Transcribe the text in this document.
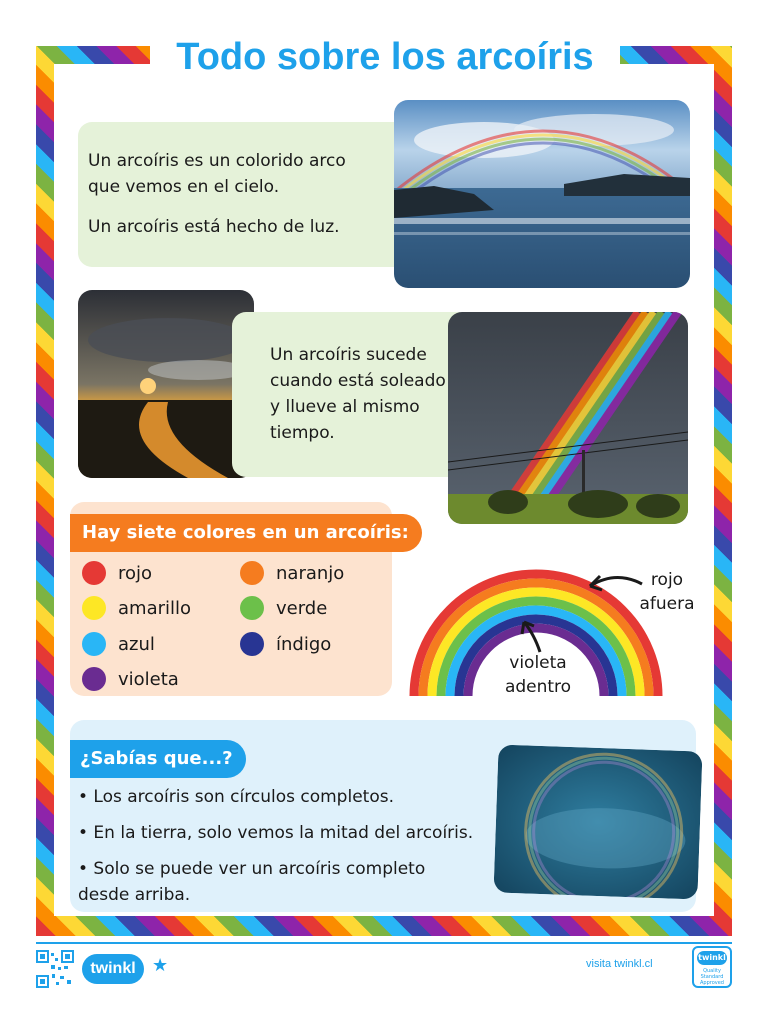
Todo sobre los arcoíris

Un arcoíris es un colorido arco que vemos en el cielo.

Un arcoíris está hecho de luz.

Un arcoíris sucede cuando está soleado y llueve al mismo tiempo.

Hay siete colores en un arcoíris:
rojo	naranjo
amarillo	verde
azul	índigo
violeta
rojo afuera
violeta adentro
¿Sabías que...?

• Los arcoíris son círculos completos.

• En la tierra, solo vemos la mitad del arcoíris.

• Solo se puede ver un arcoíris completo desde arriba.

twinkl ★	visita twinkl.cl
twinkl
Quality Standard Approved
